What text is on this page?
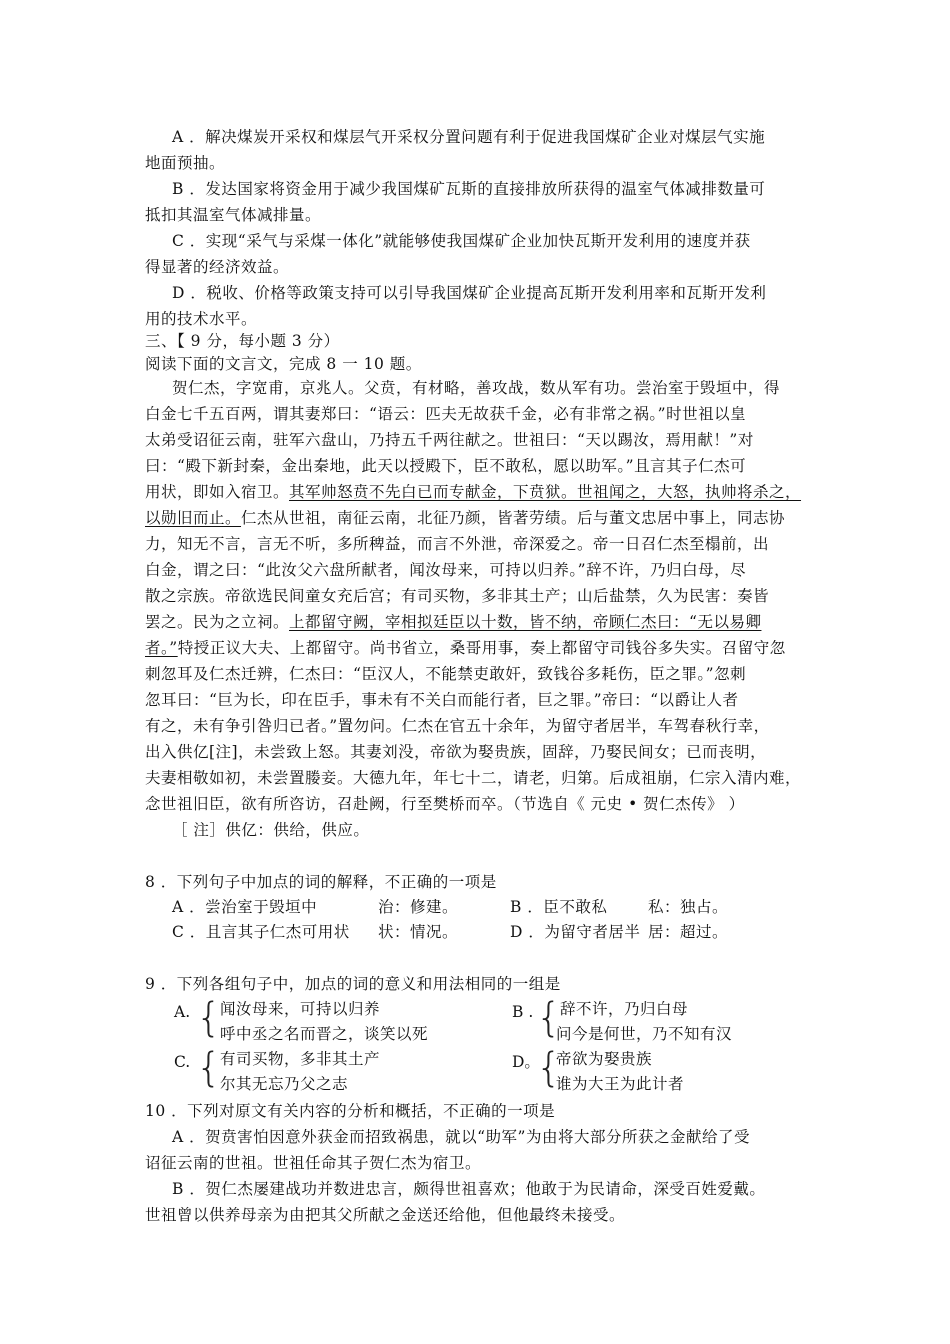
A ．解决煤炭开采权和煤层气开采权分置问题有利于促进我国煤矿企业对煤层气实施
地面预抽。
B ．发达国家将资金用于减少我国煤矿瓦斯的直接排放所获得的温室气体减排数量可
抵扣其温室气体减排量。
C ．实现“采气与采煤一体化”就能够使我国煤矿企业加快瓦斯开发利用的速度并获
得显著的经济效益。
D ．税收、价格等政策支持可以引导我国煤矿企业提高瓦斯开发利用率和瓦斯开发利
用的技术水平。
三、【 9 分，每小题 3 分）
阅读下面的文言文，完成 8 一 10 题。
贺仁杰，字宽甫，京兆人。父贲，有材略，善攻战，数从军有功。尝治室于毁垣中，得
白金七千五百两，谓其妻郑曰：“语云：匹夫无故获千金，必有非常之祸。”时世祖以皇
太弟受诏征云南，驻军六盘山，乃持五千两往献之。世祖曰：“天以踢汝，焉用献！”对
曰：“殿下新封秦，金出秦地，此天以授殿下，臣不敢私，愿以助军。”且言其子仁杰可
用状，即如入宿卫。其军帅怒贲不先白已而专献金，下贲狱。世祖闻之，大怒，执帅将杀之，
以勋旧而止。仁杰从世祖，南征云南，北征乃颜，皆著劳绩。后与董文忠居中事上，同志协
力，知无不言，言无不听，多所稗益，而言不外泄，帝深爱之。帝一日召仁杰至榻前，出
白金，谓之曰：“此汝父六盘所献者，闻汝母来，可持以归养。”辞不许，乃归白母，尽
散之宗族。帝欲选民间童女充后宫；有司买物，多非其土产；山后盐禁，久为民害：奏皆
罢之。民为之立祠。上都留守阙，宰相拟廷臣以十数，皆不纳，帝顾仁杰曰：“无以易卿
者。”特授正议大夫、上都留守。尚书省立，桑哥用事，奏上都留守司钱谷多失实。召留守忽
刺忽耳及仁杰迁辨，仁杰曰：“臣汉人，不能禁吏敢奸，致钱谷多耗伤，臣之罪。”忽刺
忽耳曰：“巨为长，印在臣手，事未有不关白而能行者，巨之罪。”帝曰：“以爵让人者
有之，未有争引咎归已者。”置勿问。仁杰在官五十余年，为留守者居半，车驾春秋行幸，
出入供亿[注]，未尝致上怒。其妻刘没，帝欲为娶贵族，固辞，乃娶民间女；已而丧明，
夫妻相敬如初，未尝置媵妾。大德九年，年七十二，请老，归第。后成祖崩，仁宗入清内难，
念世祖旧臣，欲有所咨访，召赴阙，行至樊桥而卒。（节选自《 元史 • 贺仁杰传》 ）
［ 注］供亿：供给，供应。
8 ．下列句子中加点的词的解释，不正确的一项是
A ．尝治室于毁垣中	治：修建。	B ．臣不敢私	私：独占。
C ．且言其子仁杰可用状 状：情况。	D ．为留守者居半 居：超过。
9 ．下列各组句子中，加点的词的意义和用法相同的一组是
A. {
闻汝母来，可持以归养
呼中丞之名而晋之，谈笑以死
B . {
辞不许，乃归白母
问今是何世，乃不知有汉
C. {
有司买物，多非其土产
尔其无忘乃父之志
D。
{
帝欲为娶贵族
谁为大王为此计者
10 ．下列对原文有关内容的分析和概括，不正确的一项是
A ．贺贲害怕因意外获金而招致祸患，就以“助军”为由将大部分所获之金献给了受
诏征云南的世祖。世祖任命其子贺仁杰为宿卫。
B ．贺仁杰屡建战功并数进忠言，颇得世祖喜欢；他敢于为民请命，深受百姓爱戴。
世祖曾以供养母亲为由把其父所献之金送还给他，但他最终未接受。
